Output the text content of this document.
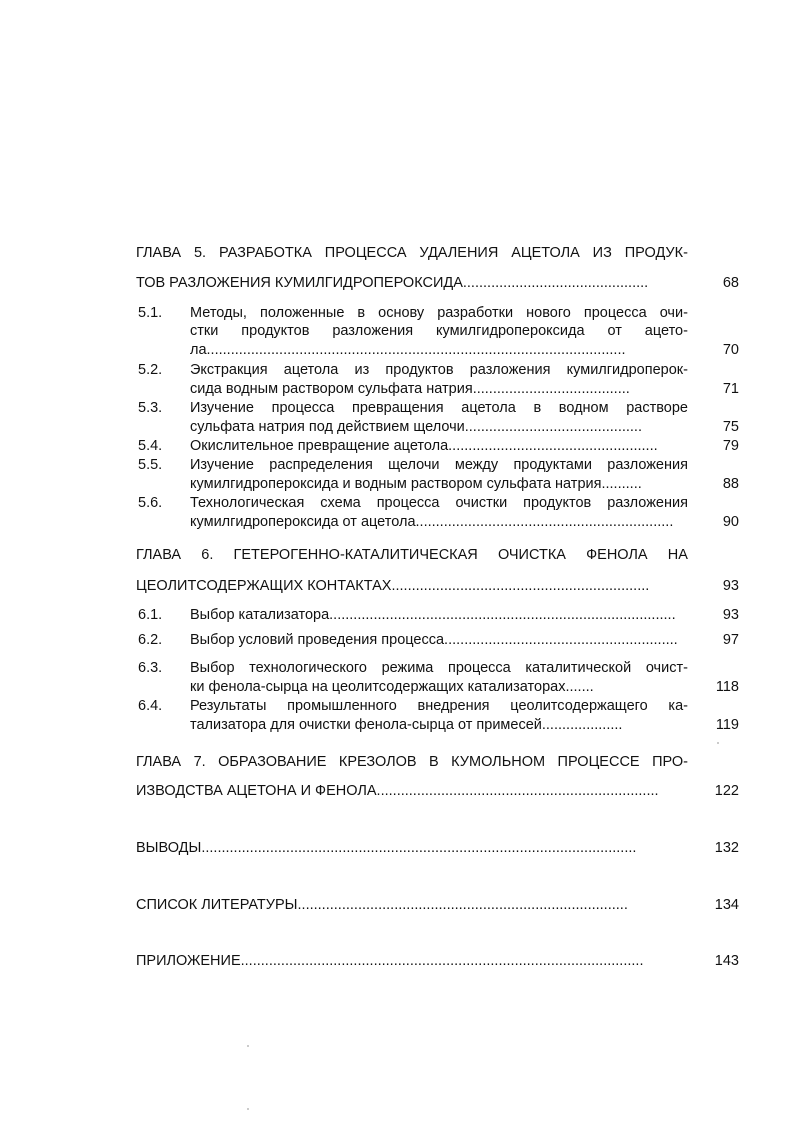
ГЛАВА 5. РАЗРАБОТКА ПРОЦЕССА УДАЛЕНИЯ АЦЕТОЛА ИЗ ПРОДУК-
ТОВ РАЗЛОЖЕНИЯ КУМИЛГИДРОПЕРОКСИДА..............................................	68
5.1. Методы, положенные в основу разработки нового процесса очи-
стки продуктов разложения кумилгидропероксида от ацето-
ла........................................................................................................	70
5.2. Экстракция ацетола из продуктов разложения кумилгидроперок-
сида водным раствором сульфата натрия.......................................	71
5.3. Изучение процесса превращения ацетола в водном растворе
сульфата натрия под действием щелочи............................................	75
5.4. Окислительное превращение ацетола....................................................	79
5.5. Изучение распределения щелочи между продуктами разложения
кумилгидропероксида и водным раствором сульфата натрия..........	88
5.6. Технологическая схема процесса очистки продуктов разложения
кумилгидропероксида от ацетола................................................................	90
ГЛАВА 6. ГЕТЕРОГЕННО-КАТАЛИТИЧЕСКАЯ ОЧИСТКА ФЕНОЛА НА
ЦЕОЛИТСОДЕРЖАЩИХ КОНТАКТАХ................................................................	93
6.1. Выбор катализатора......................................................................................	93
6.2. Выбор условий проведения процесса..........................................................	97
6.3. Выбор технологического режима процесса каталитической очист-
ки фенола-сырца на цеолитсодержащих катализаторах.......	118
6.4. Результаты промышленного внедрения цеолитсодержащего ка-
тализатора для очистки фенола-сырца от примесей....................	119
ГЛАВА 7. ОБРАЗОВАНИЕ КРЕЗОЛОВ В КУМОЛЬНОМ ПРОЦЕССЕ ПРО-
ИЗВОДСТВА АЦЕТОНА И ФЕНОЛА......................................................................	122
ВЫВОДЫ............................................................................................................	132
СПИСОК ЛИТЕРАТУРЫ..................................................................................	134
ПРИЛОЖЕНИЕ....................................................................................................	143
